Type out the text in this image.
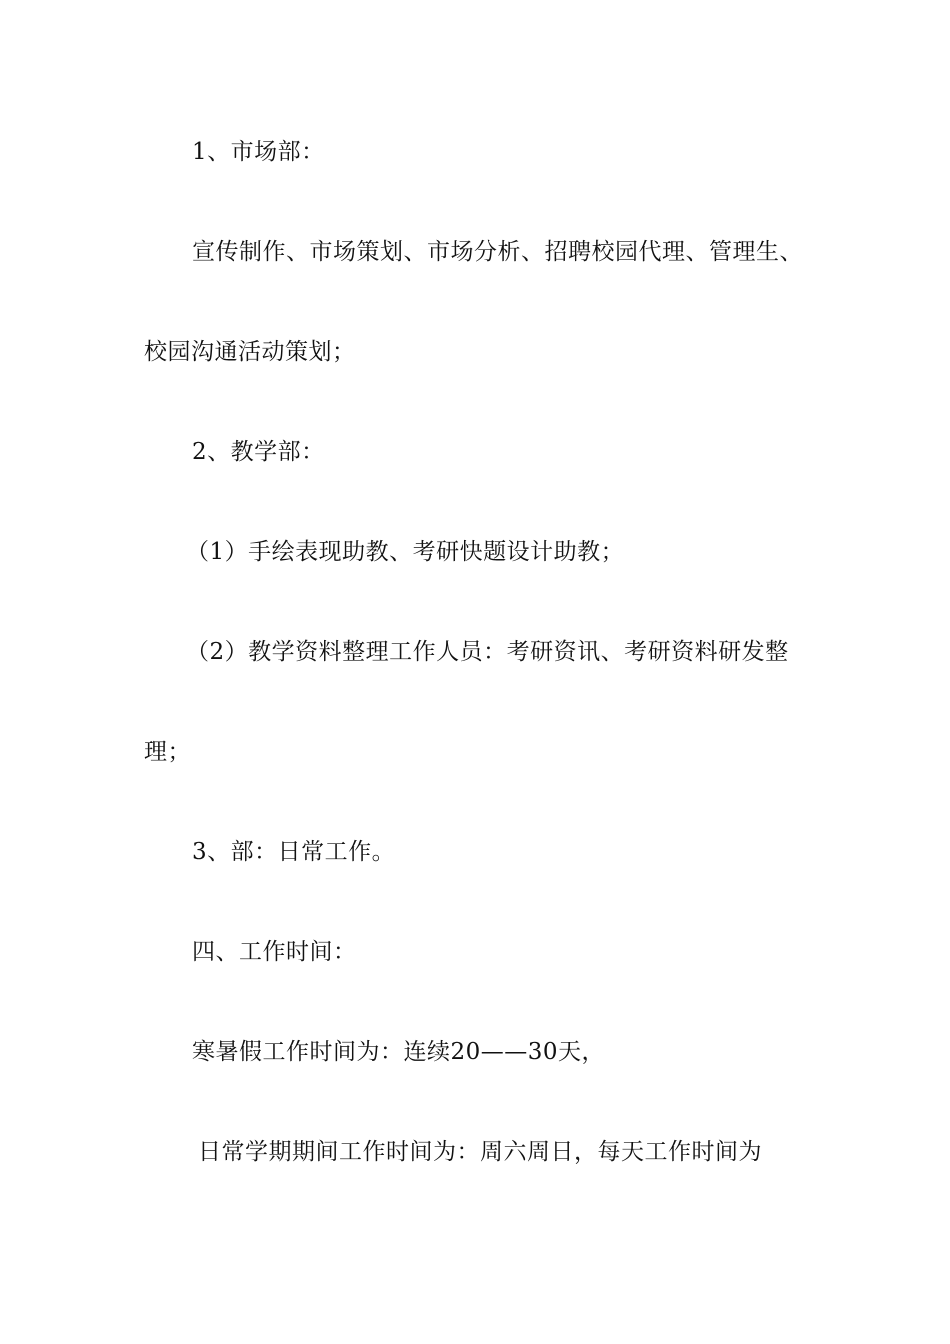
1、市场部：
宣传制作、市场策划、市场分析、招聘校园代理、管理生、
校园沟通活动策划；
2、教学部：
（1）手绘表现助教、考研快题设计助教；
（2）教学资料整理工作人员：考研资讯、考研资料研发整
理；
3、部：日常工作。
四、工作时间：
寒暑假工作时间为：连续20——30天，
日常学期期间工作时间为：周六周日，每天工作时间为
